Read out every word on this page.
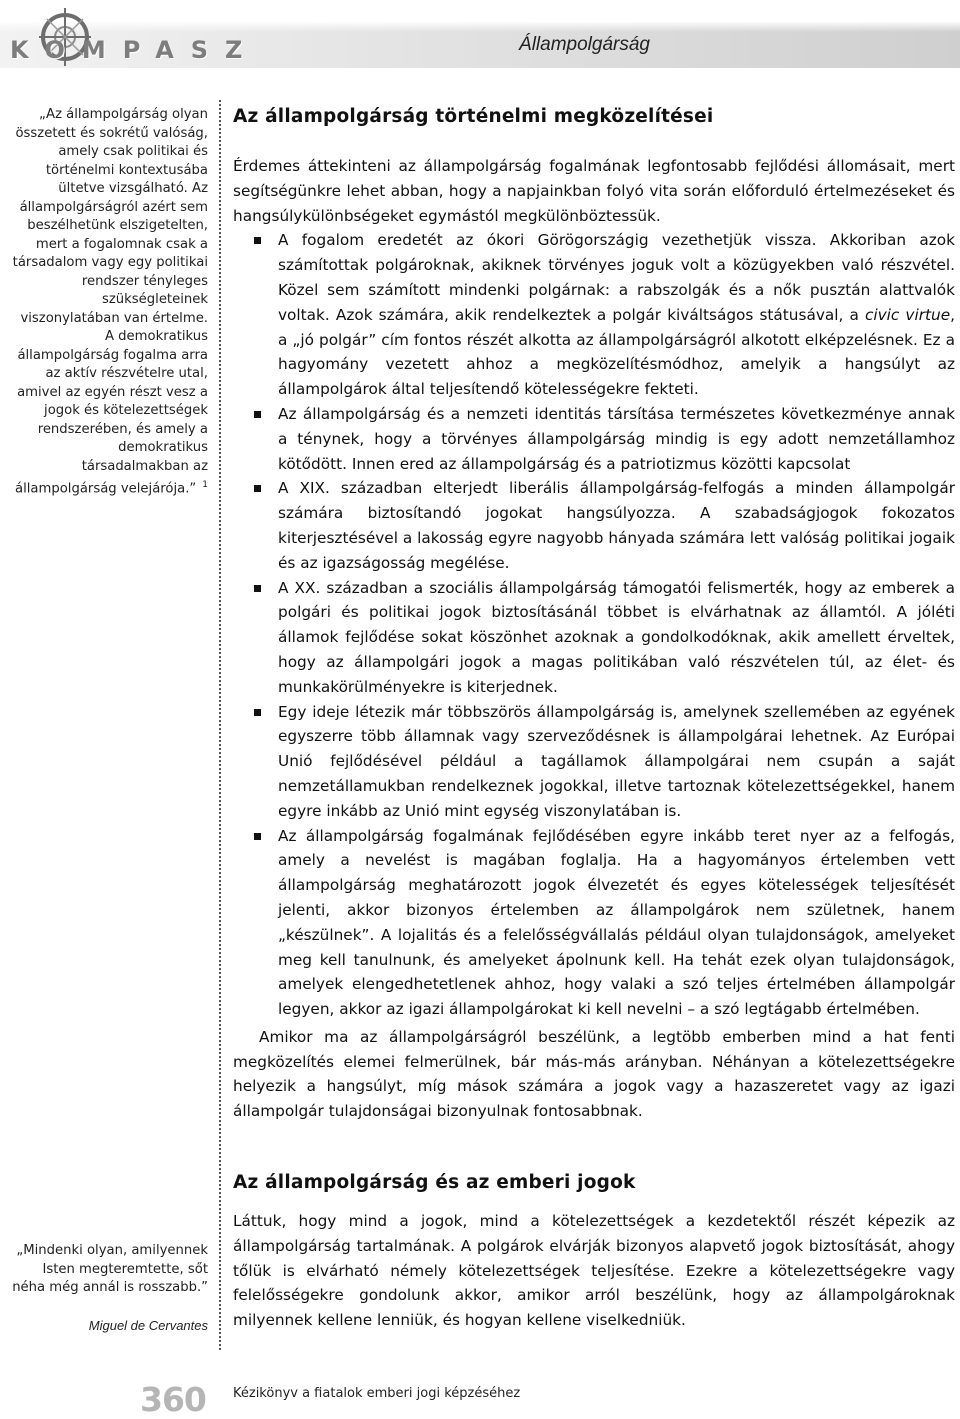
KOMPASZ	Állampolgárság
„Az állampolgárság olyan összetett és sokrétű valóság, amely csak politikai és történelmi kontextusába ültetve vizsgálható. Az állampolgárságról azért sem beszélhetünk elszigetelten, mert a fogalomnak csak a társadalom vagy egy politikai rendszer tényleges szükségleteinek viszonylatában van értelme. A demokratikus állampolgárság fogalma arra az aktív részvételre utal, amivel az egyén részt vesz a jogok és kötelezettségek rendszerében, és amely a demokratikus társadalmakban az állampolgárság velejárója.” $^1$
„Mindenki olyan, amilyennek Isten megteremtette, sőt néha még annál is rosszabb.”
Miguel de Cervantes
Az állampolgárság történelmi megközelítései

Érdemes áttekinteni az állampolgárság fogalmának legfontosabb fejlődési állomásait, mert segítségünkre lehet abban, hogy a napjainkban folyó vita során előforduló értelmezéseket és hangsúlykülönbségeket egymástól megkülönböztessük.

A fogalom eredetét az ókori Görögországig vezethetjük vissza. Akkoriban azok számítottak polgároknak, akiknek törvényes joguk volt a közügyekben való részvétel. Közel sem számított mindenki polgárnak: a rabszolgák és a nők pusztán alattvalók voltak. Azok számára, akik rendelkeztek a polgár kiváltságos státusával, a civic virtue, a „jó polgár” cím fontos részét alkotta az állampolgárságról alkotott elképzelésnek. Ez a hagyomány vezetett ahhoz a megközelítésmódhoz, amelyik a hangsúlyt az állampolgárok által teljesítendő kötelességekre fekteti.
Az állampolgárság és a nemzeti identitás társítása természetes következménye annak a ténynek, hogy a törvényes állampolgárság mindig is egy adott nemzetállamhoz kötődött. Innen ered az állampolgárság és a patriotizmus közötti kapcsolat
A XIX. században elterjedt liberális állampolgárság-felfogás a minden állampolgár számára biztosítandó jogokat hangsúlyozza. A szabadságjogok fokozatos kiterjesztésével a lakosság egyre nagyobb hányada számára lett valóság politikai jogaik és az igazságosság megélése.
A XX. században a szociális állampolgárság támogatói felismerték, hogy az emberek a polgári és politikai jogok biztosításánál többet is elvárhatnak az államtól. A jóléti államok fejlődése sokat köszönhet azoknak a gondolkodóknak, akik amellett érveltek, hogy az állampolgári jogok a magas politikában való részvételen túl, az élet- és munkakörülményekre is kiterjednek.
Egy ideje létezik már többszörös állampolgárság is, amelynek szellemében az egyének egyszerre több államnak vagy szerveződésnek is állampolgárai lehetnek. Az Európai Unió fejlődésével például a tagállamok állampolgárai nem csupán a saját nemzetállamukban rendelkeznek jogokkal, illetve tartoznak kötelezettségekkel, hanem egyre inkább az Unió mint egység viszonylatában is.
Az állampolgárság fogalmának fejlődésében egyre inkább teret nyer az a felfogás, amely a nevelést is magában foglalja. Ha a hagyományos értelemben vett állampolgárság meghatározott jogok élvezetét és egyes kötelességek teljesítését jelenti, akkor bizonyos értelemben az állampolgárok nem születnek, hanem „készülnek”. A lojalitás és a felelősségvállalás például olyan tulajdonságok, amelyeket meg kell tanulnunk, és amelyeket ápolnunk kell. Ha tehát ezek olyan tulajdonságok, amelyek elengedhetetlenek ahhoz, hogy valaki a szó teljes értelmében állampolgár legyen, akkor az igazi állampolgárokat ki kell nevelni – a szó legtágabb értelmében.

Amikor ma az állampolgárságról beszélünk, a legtöbb emberben mind a hat fenti megközelítés elemei felmerülnek, bár más-más arányban. Néhányan a kötelezettségekre helyezik a hangsúlyt, míg mások számára a jogok vagy a hazaszeretet vagy az igazi állampolgár tulajdonságai bizonyulnak fontosabbnak.

Az állampolgárság és az emberi jogok

Láttuk, hogy mind a jogok, mind a kötelezettségek a kezdetektől részét képezik az állampolgárság tartalmának. A polgárok elvárják bizonyos alapvető jogok biztosítását, ahogy tőlük is elvárható némely kötelezettségek teljesítése. Ezekre a kötelezettségekre vagy felelősségekre gondolunk akkor, amikor arról beszélünk, hogy az állampolgároknak milyennek kellene lenniük, és hogyan kellene viselkedniük.

360 Kézikönyv a fiatalok emberi jogi képzéséhez
